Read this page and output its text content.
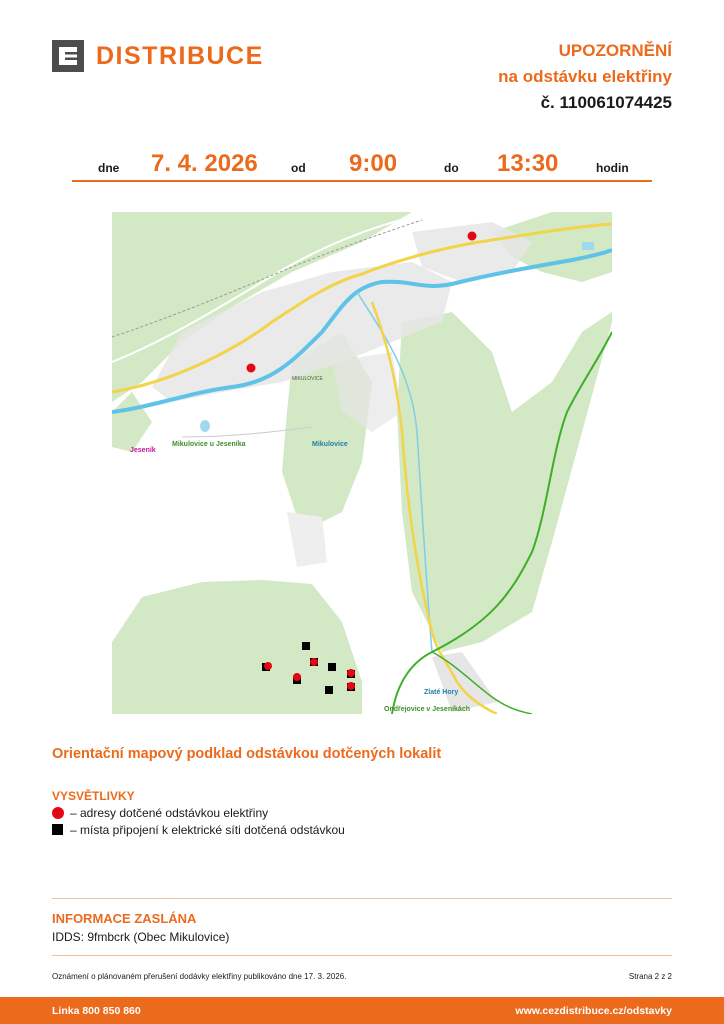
DISTRIBUCE	UPOZORNĚNÍ
na odstávku elektřiny
č. 110061074425
dne 7. 4. 2026	od 9:00	do 13:30	hodin
MIKULOVICE
Jeseník
Mikulovice u Jeseníka	Mikulovice
Zlaté Hory
Ondřejovice v Jeseníkách
Orientační mapový podklad odstávkou dotčených lokalit
VYSVĚTLIVKY
– adresy dotčené odstávkou elektřiny
– místa připojení k elektrické síti dotčená odstávkou
INFORMACE ZASLÁNA
IDDS: 9fmbcrk (Obec Mikulovice)
Oznámení o plánovaném přerušení dodávky elektřiny publikováno dne 17. 3. 2026.	Strana 2 z 2
Linka 800 850 860	www.cezdistribuce.cz/odstavky
